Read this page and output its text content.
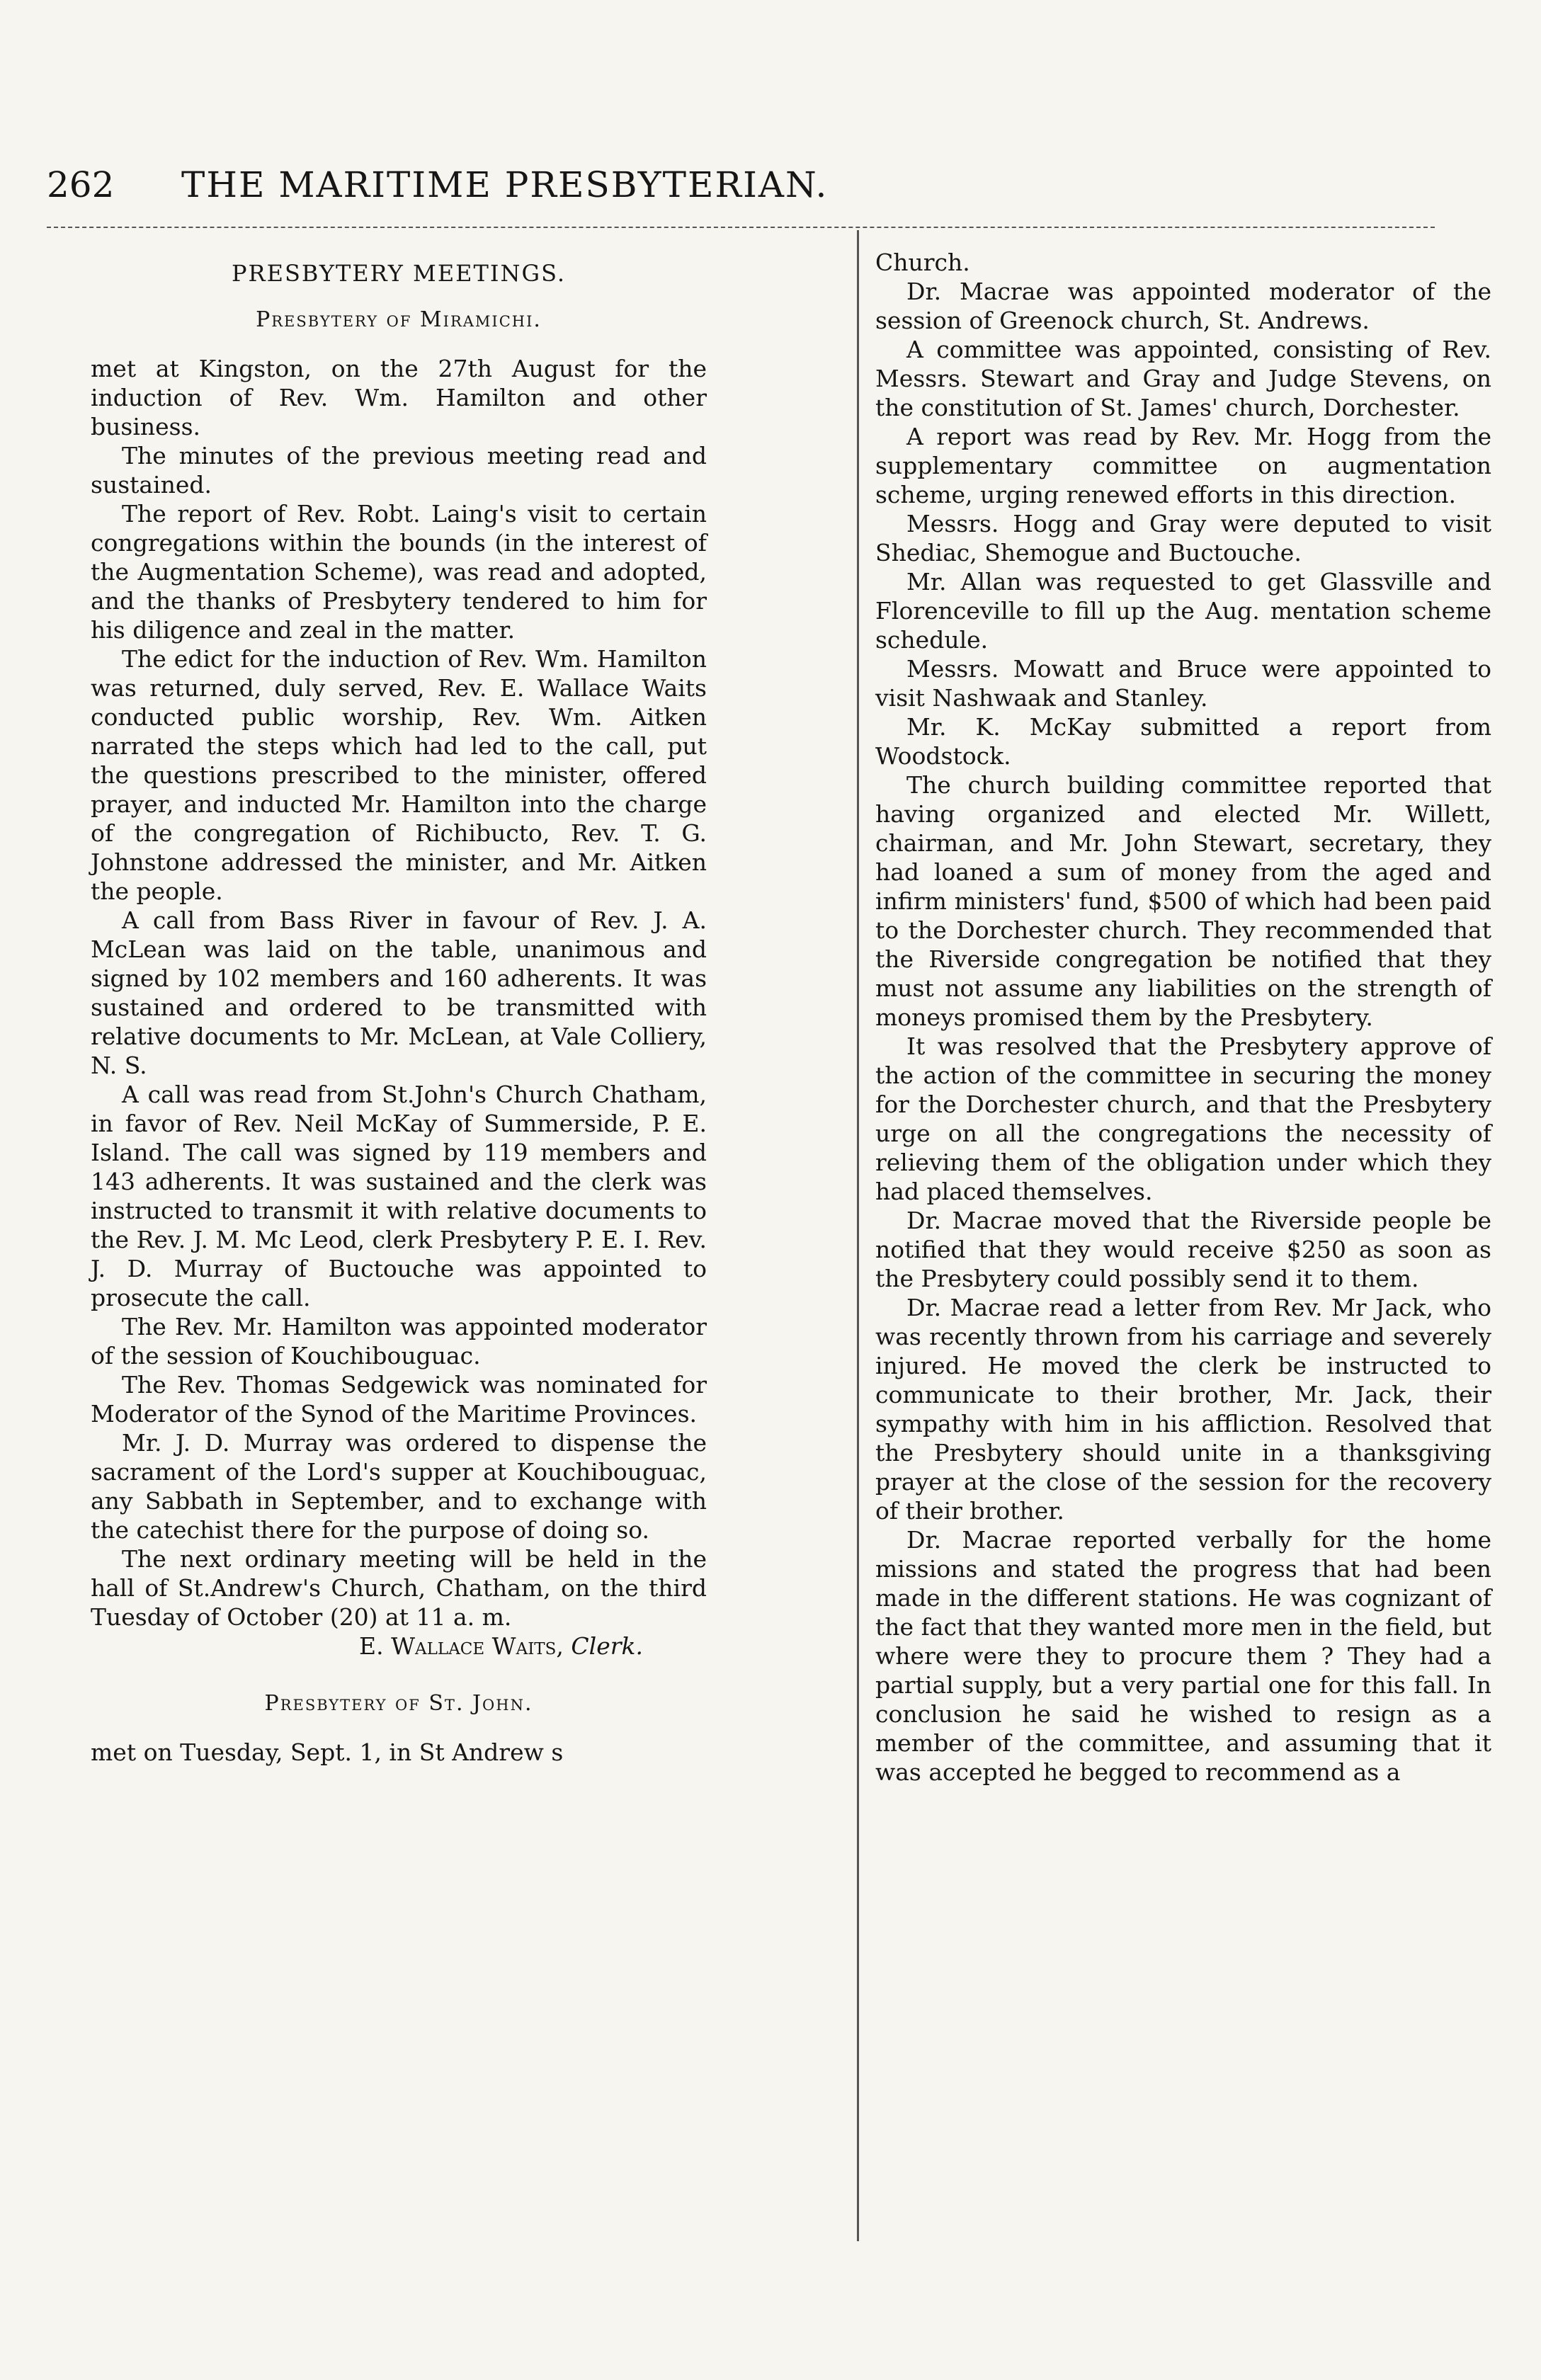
262 THE MARITIME PRESBYTERIAN.
PRESBYTERY MEETINGS.
Presbytery of Miramichi.

met at Kingston, on the 27th August for the induction of Rev. Wm. Hamilton and other business.

The minutes of the previous meeting read and sustained.

The report of Rev. Robt. Laing's visit to certain congregations within the bounds (in the interest of the Augmentation Scheme), was read and adopted, and the thanks of Presbytery tendered to him for his diligence and zeal in the matter.

The edict for the induction of Rev. Wm. Hamilton was returned, duly served, Rev. E. Wallace Waits conducted public worship, Rev. Wm. Aitken narrated the steps which had led to the call, put the questions prescribed to the minister, offered prayer, and inducted Mr. Hamilton into the charge of the congregation of Richibucto, Rev. T. G. Johnstone addressed the minister, and Mr. Aitken the people.

A call from Bass River in favour of Rev. J. A. McLean was laid on the table, unanimous and signed by 102 members and 160 adherents. It was sustained and ordered to be transmitted with relative documents to Mr. McLean, at Vale Colliery, N. S.

A call was read from St.John's Church Chatham, in favor of Rev. Neil McKay of Summerside, P. E. Island. The call was signed by 119 members and 143 adherents. It was sustained and the clerk was instructed to transmit it with relative documents to the Rev. J. M. Mc Leod, clerk Presbytery P. E. I. Rev. J. D. Murray of Buctouche was appointed to prosecute the call.

The Rev. Mr. Hamilton was appointed moderator of the session of Kouchibouguac.

The Rev. Thomas Sedgewick was nominated for Moderator of the Synod of the Maritime Provinces.

Mr. J. D. Murray was ordered to dispense the sacrament of the Lord's supper at Kouchibouguac, any Sabbath in September, and to exchange with the catechist there for the purpose of doing so.

The next ordinary meeting will be held in the hall of St.Andrew's Church, Chatham, on the third Tuesday of October (20) at 11 a. m.

E. Wallace Waits, Clerk.
Presbytery of St. John.

met on Tuesday, Sept. 1, in St Andrew s

Church.

Dr. Macrae was appointed moderator of the session of Greenock church, St. Andrews.

A committee was appointed, consisting of Rev. Messrs. Stewart and Gray and Judge Stevens, on the constitution of St. James' church, Dorchester.

A report was read by Rev. Mr. Hogg from the supplementary committee on augmentation scheme, urging renewed efforts in this direction.

Messrs. Hogg and Gray were deputed to visit Shediac, Shemogue and Buctouche.

Mr. Allan was requested to get Glassville and Florenceville to fill up the Aug. mentation scheme schedule.

Messrs. Mowatt and Bruce were appointed to visit Nashwaak and Stanley.

Mr. K. McKay submitted a report from Woodstock.

The church building committee reported that having organized and elected Mr. Willett, chairman, and Mr. John Stewart, secretary, they had loaned a sum of money from the aged and infirm ministers' fund, $500 of which had been paid to the Dorchester church. They recommended that the Riverside congregation be notified that they must not assume any liabilities on the strength of moneys promised them by the Presbytery.

It was resolved that the Presbytery approve of the action of the committee in securing the money for the Dorchester church, and that the Presbytery urge on all the congregations the necessity of relieving them of the obligation under which they had placed themselves.

Dr. Macrae moved that the Riverside people be notified that they would receive $250 as soon as the Presbytery could possibly send it to them.

Dr. Macrae read a letter from Rev. Mr Jack, who was recently thrown from his carriage and severely injured. He moved the clerk be instructed to communicate to their brother, Mr. Jack, their sympathy with him in his affliction. Resolved that the Presbytery should unite in a thanksgiving prayer at the close of the session for the recovery of their brother.

Dr. Macrae reported verbally for the home missions and stated the progress that had been made in the different stations. He was cognizant of the fact that they wanted more men in the field, but where were they to procure them ? They had a partial supply, but a very partial one for this fall. In conclusion he said he wished to resign as a member of the committee, and assuming that it was accepted he begged to recommend as a
